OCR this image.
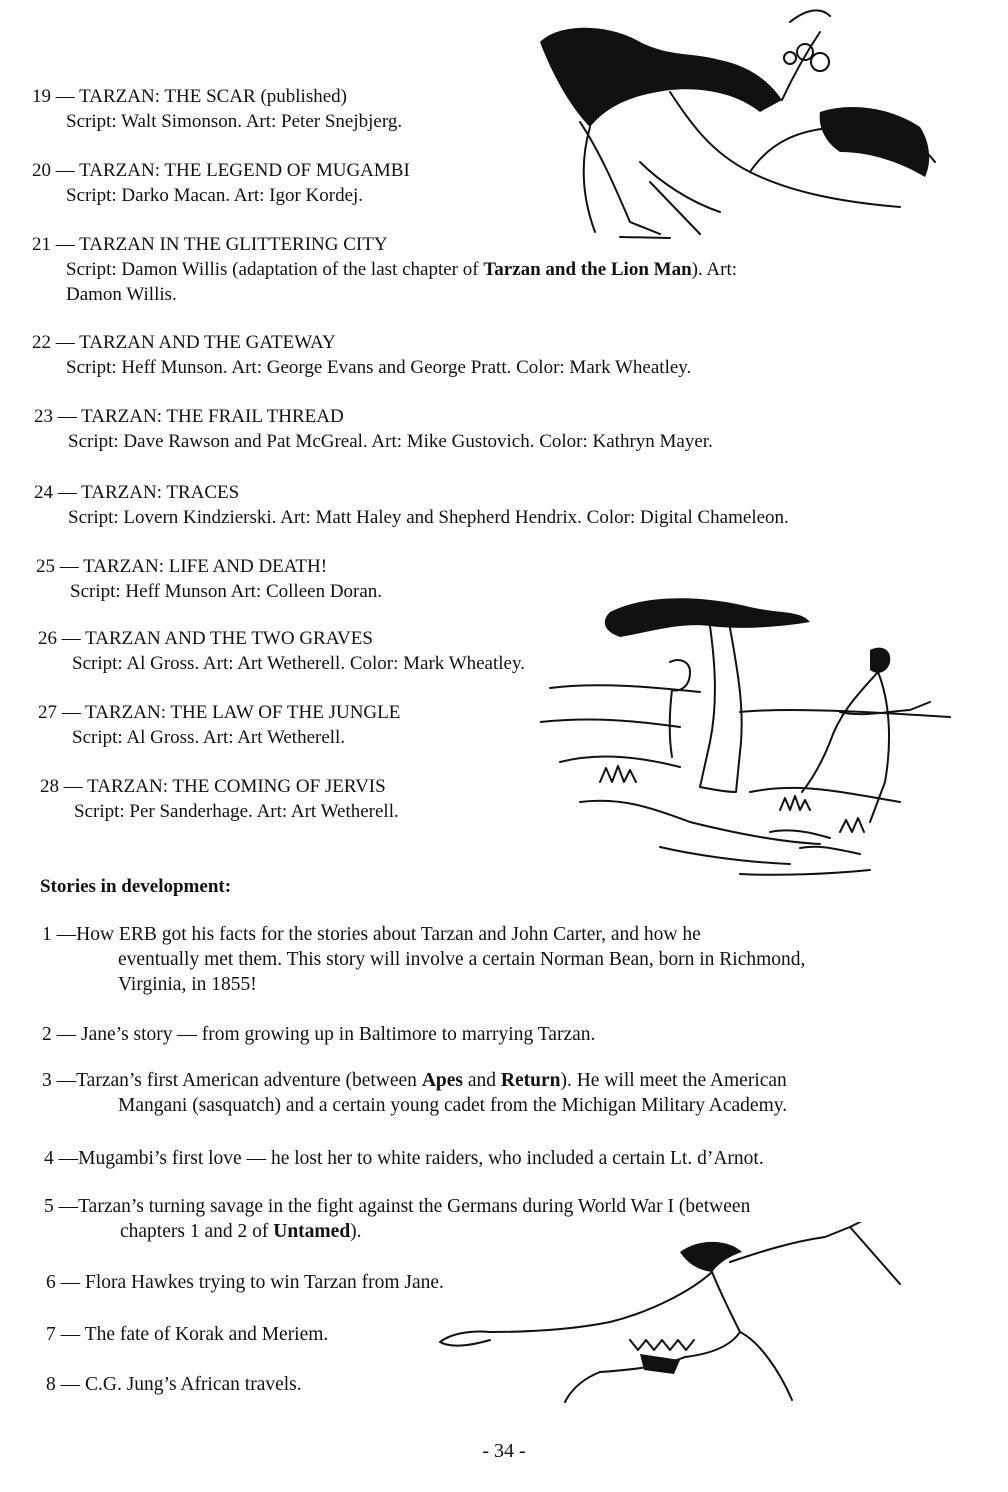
19 — TARZAN: THE SCAR (published)
Script: Walt Simonson. Art: Peter Snejbjerg.
20 — TARZAN: THE LEGEND OF MUGAMBI
Script: Darko Macan. Art: Igor Kordej.
21 — TARZAN IN THE GLITTERING CITY
Script: Damon Willis (adaptation of the last chapter of Tarzan and the Lion Man). Art:
Damon Willis.
22 — TARZAN AND THE GATEWAY
Script: Heff Munson. Art: George Evans and George Pratt. Color: Mark Wheatley.
23 — TARZAN: THE FRAIL THREAD
Script: Dave Rawson and Pat McGreal. Art: Mike Gustovich. Color: Kathryn Mayer.
24 — TARZAN: TRACES
Script: Lovern Kindzierski. Art: Matt Haley and Shepherd Hendrix. Color: Digital Chameleon.
25 — TARZAN: LIFE AND DEATH!
Script: Heff Munson Art: Colleen Doran.
26 — TARZAN AND THE TWO GRAVES
Script: Al Gross. Art: Art Wetherell. Color: Mark Wheatley.
27 — TARZAN: THE LAW OF THE JUNGLE
Script: Al Gross. Art: Art Wetherell.
28 — TARZAN: THE COMING OF JERVIS
Script: Per Sanderhage. Art: Art Wetherell.
Stories in development:
1 —How ERB got his facts for the stories about Tarzan and John Carter, and how he
eventually met them. This story will involve a certain Norman Bean, born in Richmond,
Virginia, in 1855!
2 — Jane’s story — from growing up in Baltimore to marrying Tarzan.
3 —Tarzan’s first American adventure (between Apes and Return). He will meet the American
Mangani (sasquatch) and a certain young cadet from the Michigan Military Academy.
4 —Mugambi’s first love — he lost her to white raiders, who included a certain Lt. d’Arnot.
5 —Tarzan’s turning savage in the fight against the Germans during World War I (between
chapters 1 and 2 of Untamed).
6 — Flora Hawkes trying to win Tarzan from Jane.
7 — The fate of Korak and Meriem.
8 — C.G. Jung’s African travels.
- 34 -
